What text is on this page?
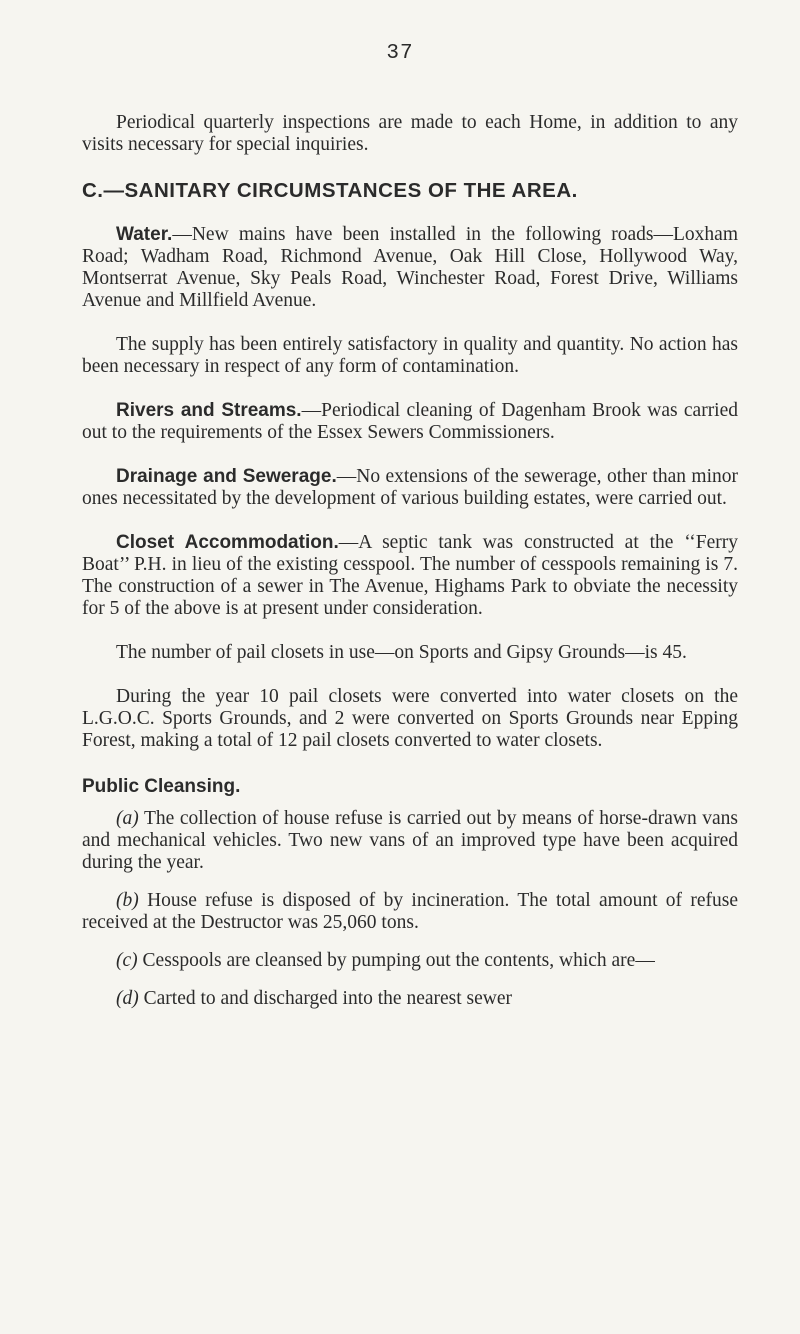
37

Periodical quarterly inspections are made to each Home, in addition to any visits necessary for special inquiries.

C.—SANITARY CIRCUMSTANCES OF THE AREA.

Water.—New mains have been installed in the following roads—Loxham Road; Wadham Road, Richmond Avenue, Oak Hill Close, Hollywood Way, Montserrat Avenue, Sky Peals Road, Winchester Road, Forest Drive, Williams Avenue and Millfield Avenue.

The supply has been entirely satisfactory in quality and quantity. No action has been necessary in respect of any form of contamination.

Rivers and Streams.—Periodical cleaning of Dagenham Brook was carried out to the requirements of the Essex Sewers Commissioners.

Drainage and Sewerage.—No extensions of the sewerage, other than minor ones necessitated by the development of various building estates, were carried out.

Closet Accommodation.—A septic tank was constructed at the ‘‘Ferry Boat’’ P.H. in lieu of the existing cesspool. The number of cesspools remaining is 7. The construction of a sewer in The Avenue, Highams Park to obviate the necessity for 5 of the above is at present under consideration.

The number of pail closets in use—on Sports and Gipsy Grounds—is 45.

During the year 10 pail closets were converted into water closets on the L.G.O.C. Sports Grounds, and 2 were converted on Sports Grounds near Epping Forest, making a total of 12 pail closets converted to water closets.

Public Cleansing.

(a) The collection of house refuse is carried out by means of horse-drawn vans and mechanical vehicles. Two new vans of an improved type have been acquired during the year.

(b) House refuse is disposed of by incineration. The total amount of refuse received at the Destructor was 25,060 tons.

(c) Cesspools are cleansed by pumping out the contents, which are—

(d) Carted to and discharged into the nearest sewer
